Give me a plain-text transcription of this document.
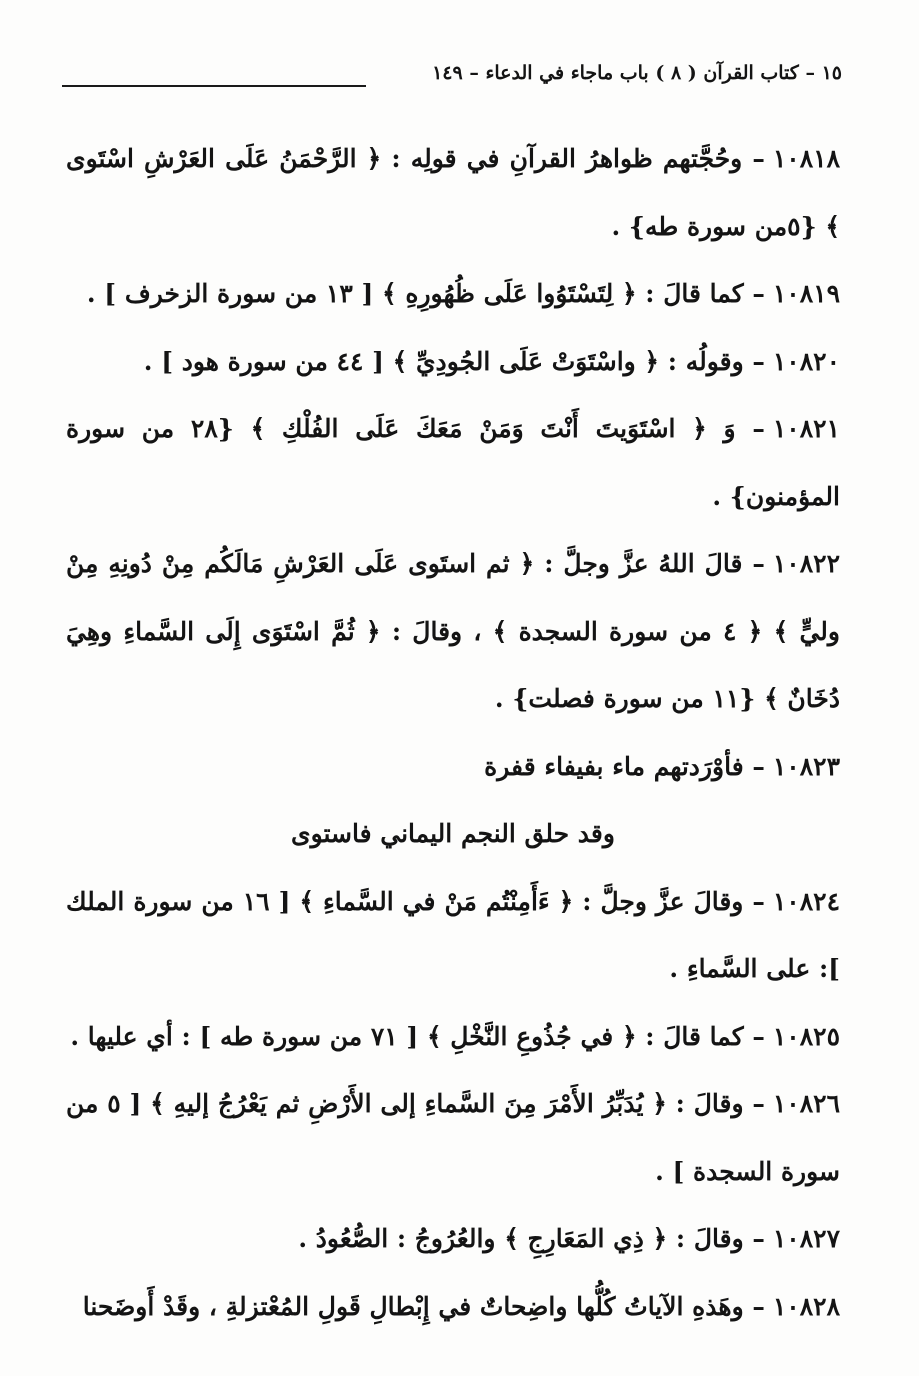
١٥ – كتاب القرآن ( ٨ ) باب ماجاء في الدعاء – ١٤٩

١٠٨١٨– وحُجَّتهم ظواهرُ القرآنِ في قولِه : ﴿ الرَّحْمَنُ عَلَى العَرْشِ اسْتَوى ﴾ {٥من سورة طه} .

١٠٨١٩– كما قالَ : ﴿ لِتَسْتَوُوا عَلَى ظُهُورِهِ ﴾ [ ١٣ من سورة الزخرف ] .

١٠٨٢٠– وقولُه : ﴿ واسْتَوَتْ عَلَى الجُودِيِّ ﴾ [ ٤٤ من سورة هود ] .

١٠٨٢١– وَ ﴿ اسْتَوَيتَ أَنْتَ وَمَنْ مَعَكَ عَلَى الفُلْكِ ﴾ {٢٨ من سورة المؤمنون} .

١٠٨٢٢– قالَ اللهُ عزَّ وجلَّ : ﴿ ثم استَوى عَلَى العَرْشِ مَالَكُم مِنْ دُونِهِ مِنْ وليٍّ ﴾ ﴿ ٤ من سورة السجدة ﴾ ، وقالَ : ﴿ ثُمَّ اسْتَوَى إِلَى السَّماءِ وهِيَ دُخَانٌ ﴾ {١١ من سورة فصلت} .

١٠٨٢٣– فأوْرَدتهم ماء بفيفاء قفرة

وقد حلق النجم اليماني فاستوى

١٠٨٢٤– وقالَ عزَّ وجلَّ : ﴿ ءَأَمِنْتُم مَنْ في السَّماءِ ﴾ [ ١٦ من سورة الملك ]: على السَّماءِ .

١٠٨٢٥– كما قالَ : ﴿ في جُذُوعِ النَّخْلِ ﴾ [ ٧١ من سورة طه ] : أي عليها .

١٠٨٢٦– وقالَ : ﴿ يُدَبِّرُ الأَمْرَ مِنَ السَّماءِ إلى الأَرْضِ ثم يَعْرُجُ إليهِ ﴾ [ ٥ من سورة السجدة ] .

١٠٨٢٧– وقالَ : ﴿ ذِي المَعَارِجِ ﴾ والعُرُوجُ : الصُّعُودُ .

١٠٨٢٨– وهَذهِ الآياتُ كُلُّها واضِحاتٌ في إِبْطالِ قَولِ المُعْتزلةِ ، وقَدْ أَوضَحنا
